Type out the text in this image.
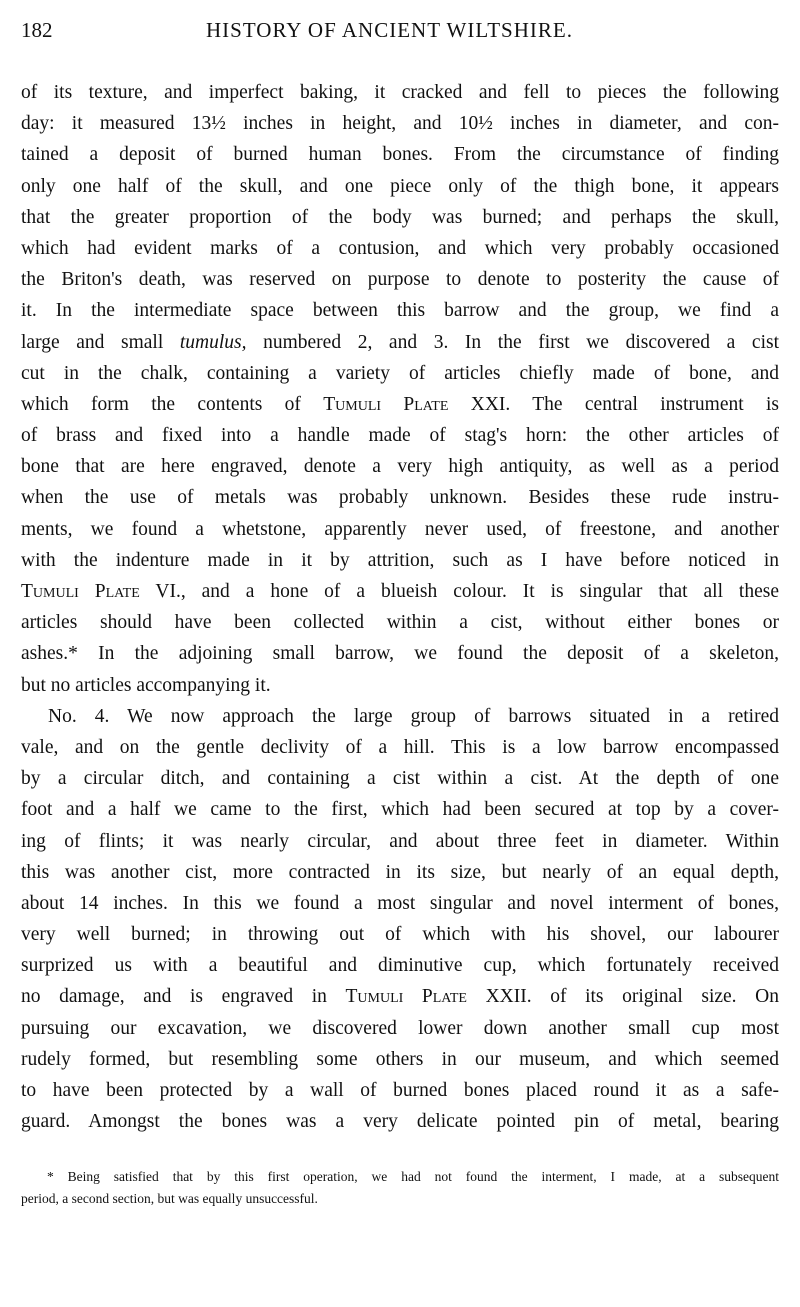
182	HISTORY OF ANCIENT WILTSHIRE.
of its texture, and imperfect baking, it cracked and fell to pieces the following
day: it measured 13½ inches in height, and 10½ inches in diameter, and con-
tained a deposit of burned human bones. From the circumstance of finding
only one half of the skull, and one piece only of the thigh bone, it appears
that the greater proportion of the body was burned; and perhaps the skull,
which had evident marks of a contusion, and which very probably occasioned
the Briton's death, was reserved on purpose to denote to posterity the cause of
it. In the intermediate space between this barrow and the group, we find a
large and small tumulus, numbered 2, and 3. In the first we discovered a cist
cut in the chalk, containing a variety of articles chiefly made of bone, and
which form the contents of Tumuli Plate XXI. The central instrument is
of brass and fixed into a handle made of stag's horn: the other articles of
bone that are here engraved, denote a very high antiquity, as well as a period
when the use of metals was probably unknown. Besides these rude instru-
ments, we found a whetstone, apparently never used, of freestone, and another
with the indenture made in it by attrition, such as I have before noticed in
Tumuli Plate VI., and a hone of a blueish colour. It is singular that all these
articles should have been collected within a cist, without either bones or
ashes.* In the adjoining small barrow, we found the deposit of a skeleton,
but no articles accompanying it.
No. 4. We now approach the large group of barrows situated in a retired
vale, and on the gentle declivity of a hill. This is a low barrow encompassed
by a circular ditch, and containing a cist within a cist. At the depth of one
foot and a half we came to the first, which had been secured at top by a cover-
ing of flints; it was nearly circular, and about three feet in diameter. Within
this was another cist, more contracted in its size, but nearly of an equal depth,
about 14 inches. In this we found a most singular and novel interment of bones,
very well burned; in throwing out of which with his shovel, our labourer
surprized us with a beautiful and diminutive cup, which fortunately received
no damage, and is engraved in Tumuli Plate XXII. of its original size. On
pursuing our excavation, we discovered lower down another small cup most
rudely formed, but resembling some others in our museum, and which seemed
to have been protected by a wall of burned bones placed round it as a safe-
guard. Amongst the bones was a very delicate pointed pin of metal, bearing
* Being satisfied that by this first operation, we had not found the interment, I made, at a subsequent
period, a second section, but was equally unsuccessful.
